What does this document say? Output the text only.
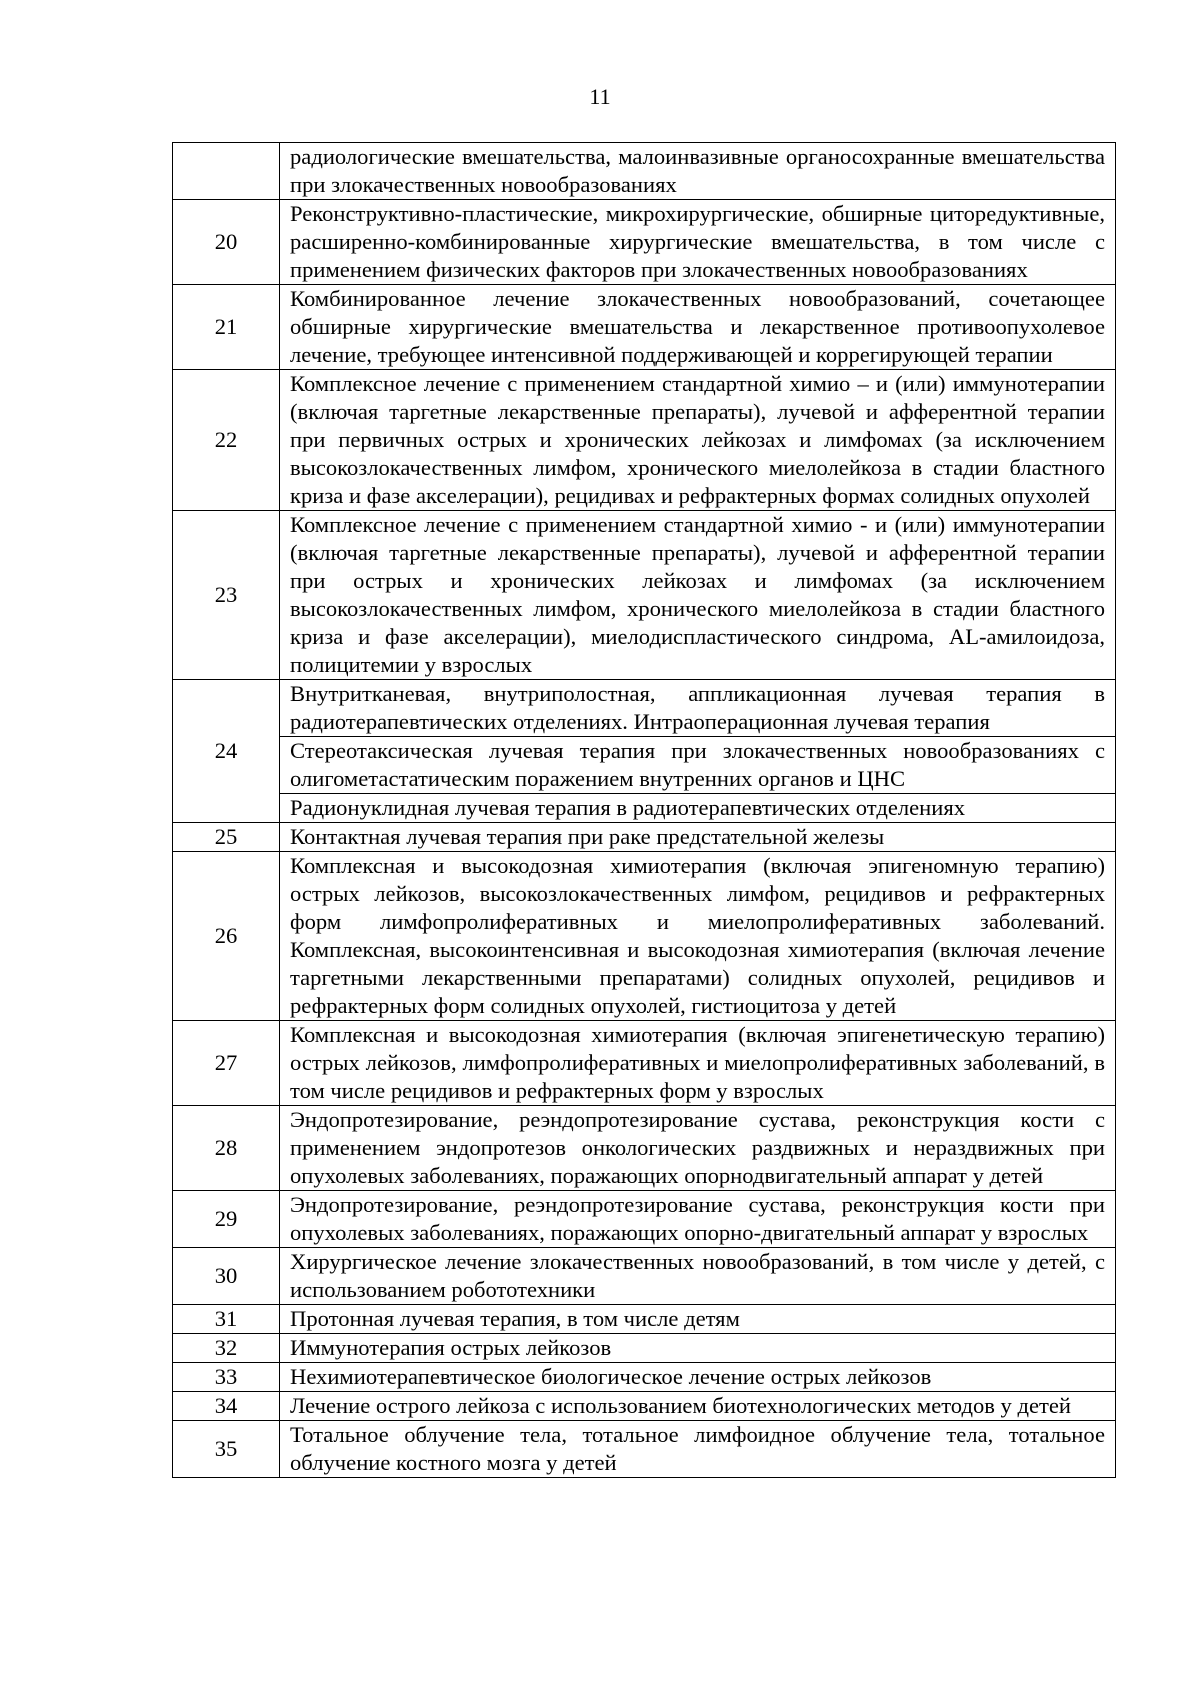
11
	радиологические вмешательства, малоинвазивные органосохранные вмешательства при злокачественных новообразованиях
20	Реконструктивно-пластические, микрохирургические, обширные циторедуктивные, расширенно-комбинированные хирургические вмешательства, в том числе с применением физических факторов при злокачественных новообразованиях
21	Комбинированное лечение злокачественных новообразований, сочетающее обширные хирургические вмешательства и лекарственное противоопухолевое лечение, требующее интенсивной поддерживающей и коррегирующей терапии
22	Комплексное лечение с применением стандартной химио – и (или) иммунотерапии (включая таргетные лекарственные препараты), лучевой и афферентной терапии при первичных острых и хронических лейкозах и лимфомах (за исключением высокозлокачественных лимфом, хронического миелолейкоза в стадии бластного криза и фазе акселерации), рецидивах и рефрактерных формах солидных опухолей
23	Комплексное лечение с применением стандартной химио - и (или) иммунотерапии (включая таргетные лекарственные препараты), лучевой и афферентной терапии при острых и хронических лейкозах и лимфомах (за исключением высокозлокачественных лимфом, хронического миелолейкоза в стадии бластного криза и фазе акселерации), миелодиспластического синдрома, AL-амилоидоза, полицитемии у взрослых
24	Внутритканевая, внутриполостная, аппликационная лучевая терапия в радиотерапевтических отделениях. Интраоперационная лучевая терапия
	Стереотаксическая лучевая терапия при злокачественных новообразованиях с олигометастатическим поражением внутренних органов и ЦНС
	Радионуклидная лучевая терапия в радиотерапевтических отделениях
25	Контактная лучевая терапия при раке предстательной железы
26	Комплексная и высокодозная химиотерапия (включая эпигеномную терапию) острых лейкозов, высокозлокачественных лимфом, рецидивов и рефрактерных форм лимфопролиферативных и миелопролиферативных заболеваний. Комплексная, высокоинтенсивная и высокодозная химиотерапия (включая лечение таргетными лекарственными препаратами) солидных опухолей, рецидивов и рефрактерных форм солидных опухолей, гистиоцитоза у детей
27	Комплексная и высокодозная химиотерапия (включая эпигенетическую терапию) острых лейкозов, лимфопролиферативных и миелопролиферативных заболеваний, в том числе рецидивов и рефрактерных форм у взрослых
28	Эндопротезирование, реэндопротезирование сустава, реконструкция кости с применением эндопротезов онкологических раздвижных и нераздвижных при опухолевых заболеваниях, поражающих опорнодвигательный аппарат у детей
29	Эндопротезирование, реэндопротезирование сустава, реконструкция кости при опухолевых заболеваниях, поражающих опорно-двигательный аппарат у взрослых
30	Хирургическое лечение злокачественных новообразований, в том числе у детей, с использованием робототехники
31	Протонная лучевая терапия, в том числе детям
32	Иммунотерапия острых лейкозов
33	Нехимиотерапевтическое биологическое лечение острых лейкозов
34	Лечение острого лейкоза с использованием биотехнологических методов у детей
35	Тотальное облучение тела, тотальное лимфоидное облучение тела, тотальное облучение костного мозга у детей
